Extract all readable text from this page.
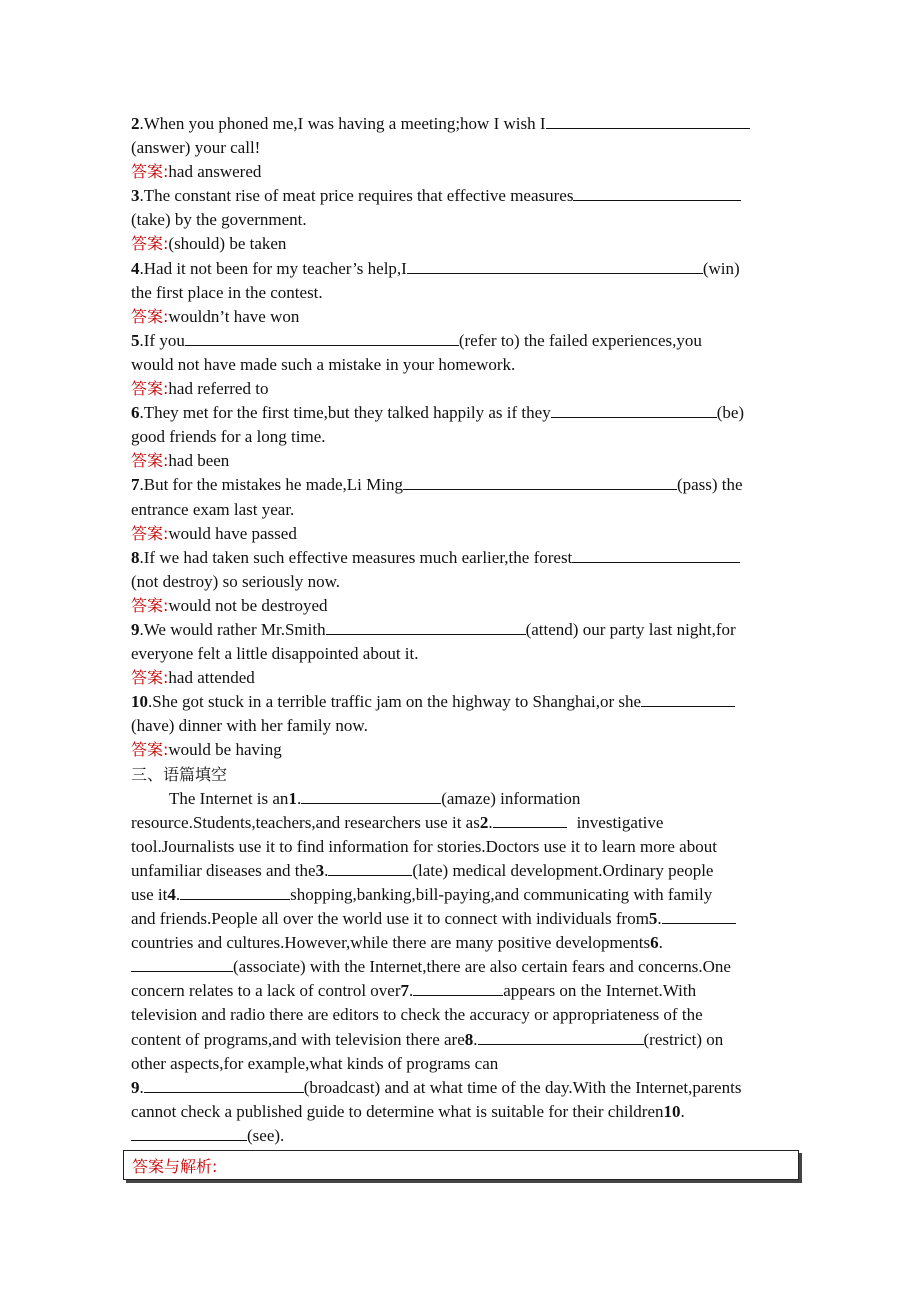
2 .When you phoned me,I was having a meeting;how I wish I
(answer) your call!
答案: had answered
3 .The constant rise of meat price requires that effective measures
(take) by the government.
答案: (should) be taken
4 .Had it not been for my teacher’s help,I	(win)
the first place in the contest.
答案: wouldn’t have won
5 .If you	(refer to) the failed experiences,you
would not have made such a mistake in your homework.
答案: had referred to
6 .They met for the first time,but they talked happily as if they	(be)
good friends for a long time.
答案: had been
7 .But for the mistakes he made,Li Ming	(pass) the
entrance exam last year.
答案: would have passed
8 .If we had taken such effective measures much earlier,the forest
(not destroy) so seriously now.
答案: would not be destroyed
9 .We would rather Mr.Smith	(attend) our party last night,for
everyone felt a little disappointed about it.
答案: had attended
10 .She got stuck in a terrible traffic jam on the highway to Shanghai,or she
(have) dinner with her family now.
答案: would be having
三、语篇填空
The Internet is an 1 .	(amaze) information
resource.Students,teachers,and researchers use it as 2 .	investigative
tool.Journalists use it to find information for stories.Doctors use it to learn more about
unfamiliar diseases and the 3 .	(late) medical development.Ordinary people
use it 4 .	shopping,banking,bill-paying,and communicating with family
and friends.People all over the world use it to connect with individuals from 5 .
countries and cultures.However,while there are many positive developments 6 .
(associate) with the Internet,there are also certain fears and concerns.One
concern relates to a lack of control over 7 .	appears on the Internet.With
television and radio there are editors to check the accuracy or appropriateness of the
content of programs,and with television there are 8 .	(restrict) on
other aspects,for example,what kinds of programs can
9 .	(broadcast) and at what time of the day.With the Internet,parents
cannot check a published guide to determine what is suitable for their children 10 .
(see).
答案与解析:
